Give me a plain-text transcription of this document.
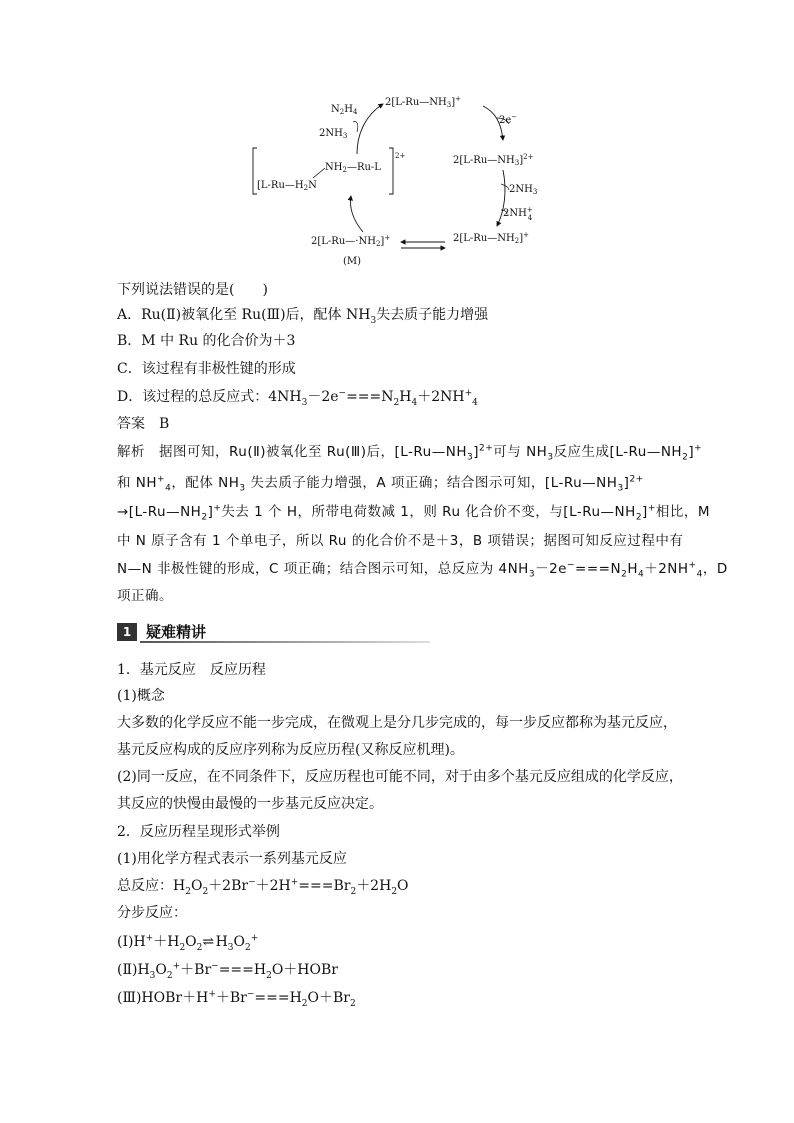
$N_2H_4$
$2NH_3$
$2[L-Ru—NH_3]^+$
2e−
$2[L-Ru—NH_3]^{2+}$
$2NH_3$
2NH+ 4
$2[L-Ru—NH_2]^+$
$2[L-Ru—\cdot NH_2]^+$
(M)
$NH_2—Ru-L$
2+
[$L-Ru—H_2N$
下列说法错误的是(　　)
A．Ru(Ⅱ)被氧化至 Ru(Ⅲ)后，配体 $NH_3$失去质子能力增强
B．M 中 Ru 的化合价为＋3
C．该过程有非极性键的形成
D．该过程的总反应式：$4NH_3-2e^-===N_2H_4+2NH^+_4$
答案　B
解析　据图可知，Ru(Ⅱ)被氧化至 Ru(Ⅲ)后，$[L-Ru—NH_3]^{2+}$可与 $NH_3$反应生成$[L-Ru—NH_2]^+$
和 $NH^+_4$，配体 $NH_3$ 失去质子能力增强，A 项正确；结合图示可知，$[L-Ru—NH_3]^{2+}$
$\to[L-Ru—NH_2]^+$失去 1 个 H，所带电荷数减 1，则 Ru 化合价不变，与$[L-Ru—NH_2]^+$相比，M
中 N 原子含有 1 个单电子，所以 Ru 的化合价不是＋3，B 项错误；据图可知反应过程中有
N—N 非极性键的形成，C 项正确；结合图示可知，总反应为 $4NH_3-2e^-===N_2H_4+2NH^+_4$，D
项正确。
1 疑难精讲
1．基元反应　反应历程
(1)概念
大多数的化学反应不能一步完成，在微观上是分几步完成的，每一步反应都称为基元反应，
基元反应构成的反应序列称为反应历程(又称反应机理)。
(2)同一反应，在不同条件下，反应历程也可能不同，对于由多个基元反应组成的化学反应，
其反应的快慢由最慢的一步基元反应决定。
2．反应历程呈现形式举例
(1)用化学方程式表示一系列基元反应
总反应：$H_2O_2+2Br^-+2H^+===Br_2+2H_2O$
分步反应：
$(Ⅰ)H^++H_2O_2\rightleftharpoons$ $H_3O_2^+$
$(Ⅱ)H_3O_2^++Br^-===H_2O+HOBr$
$(Ⅲ)HOBr+H^++Br^-===H_2O+Br_2$
